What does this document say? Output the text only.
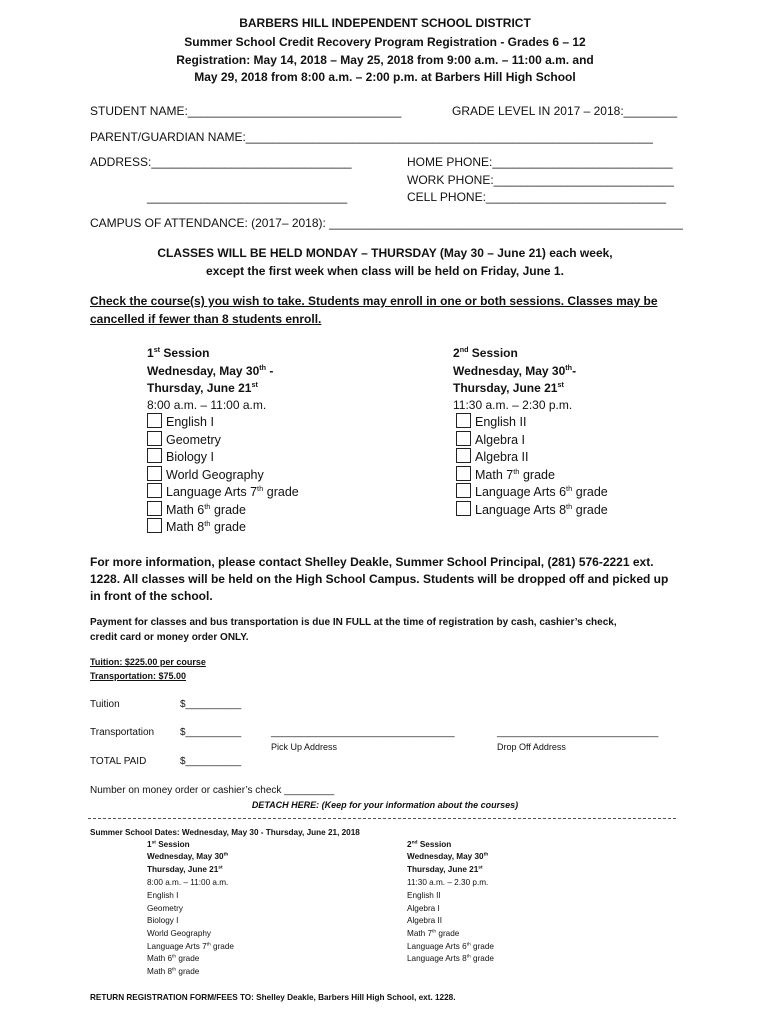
BARBERS HILL INDEPENDENT SCHOOL DISTRICT
Summer School Credit Recovery Program Registration - Grades 6 – 12
Registration: May 14, 2018 – May 25, 2018 from 9:00 a.m. – 11:00 a.m. and
May 29, 2018 from 8:00 a.m. – 2:00 p.m. at Barbers Hill High School
STUDENT NAME:________________________________	GRADE LEVEL IN 2017 – 2018:________
PARENT/GUARDIAN NAME:_____________________________________________________________
ADDRESS:______________________________
______________________________
HOME PHONE:___________________________
WORK PHONE:___________________________
CELL PHONE:___________________________
CAMPUS OF ATTENDANCE: (2017– 2018): _____________________________________________________
CLASSES WILL BE HELD MONDAY – THURSDAY (May 30 – June 21) each week,
except the first week when class will be held on Friday, June 1.
Check the course(s) you wish to take. Students may enroll in one or both sessions. Classes may be
cancelled if fewer than 8 students enroll.
1st Session
Wednesday, May 30th -
Thursday, June 21st
8:00 a.m. – 11:00 a.m.
English I
Geometry
Biology I
World Geography
Language Arts 7th grade
Math 6th grade
Math 8th grade
2nd Session
Wednesday, May 30th-
Thursday, June 21st
11:30 a.m. – 2:30 p.m.
English II
Algebra I
Algebra II
Math 7th grade
Language Arts 6th grade
Language Arts 8th grade
For more information, please contact Shelley Deakle, Summer School Principal, (281) 576-2221 ext.
1228. All classes will be held on the High School Campus. Students will be dropped off and picked up
in front of the school.
Payment for classes and bus transportation is due IN FULL at the time of registration by cash, cashier’s check,
credit card or money order ONLY.
Tuition: $225.00 per course
Transportation: $75.00
Tuition	$__________
Transportation	$__________	_________________________________
Pick Up Address
_____________________________
Drop Off Address
TOTAL PAID	$__________
Number on money order or cashier’s check _________
DETACH HERE: (Keep for your information about the courses)
Summer School Dates: Wednesday, May 30 - Thursday, June 21, 2018
1st Session
Wednesday, May 30th
Thursday, June 21st
8:00 a.m. – 11:00 a.m.
English I
Geometry
Biology I
World Geography
Language Arts 7th grade
Math 6th grade
Math 8th grade
2nd Session
Wednesday, May 30th
Thursday, June 21st
11:30 a.m. – 2.30 p.m.
English II
Algebra I
Algebra II
Math 7th grade
Language Arts 6th grade
Language Arts 8th grade
RETURN REGISTRATION FORM/FEES TO: Shelley Deakle, Barbers Hill High School, ext. 1228.
